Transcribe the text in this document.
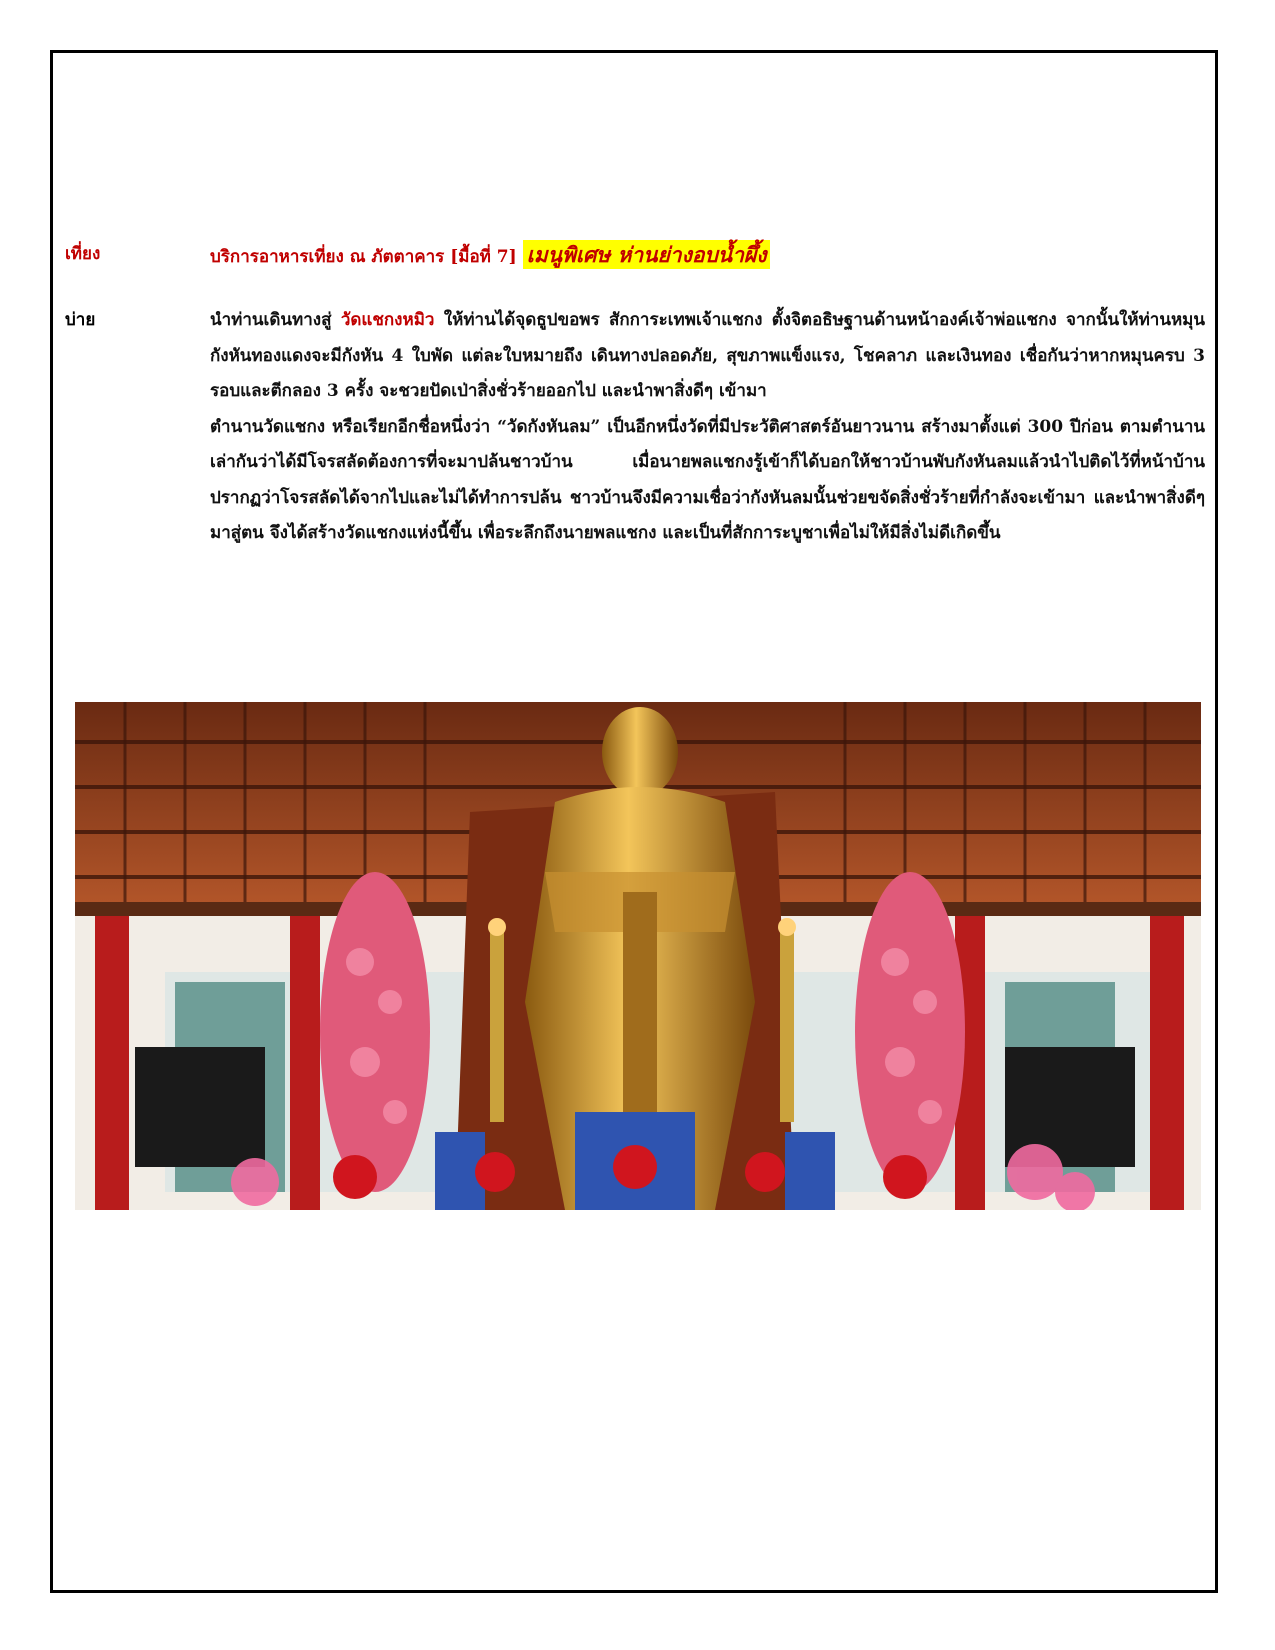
เที่ยง	บริการอาหารเที่ยง ณ ภัตตาคาร [มื้อที่ 7] เมนูพิเศษ ห่านย่างอบน้ำผึ้ง
บ่าย	นำท่านเดินทางสู่ วัดแชกงหมิว ให้ท่านได้จุดธูปขอพร สักการะเทพเจ้าแชกง ตั้งจิตอธิษฐานด้านหน้าองค์เจ้าพ่อแชกง จากนั้นให้ท่านหมุนกังหันทองแดงจะมีกังหัน 4 ใบพัด แต่ละใบหมายถึง เดินทางปลอดภัย, สุขภาพแข็งแรง, โชคลาภ และเงินทอง เชื่อกันว่าหากหมุนครบ 3 รอบและตีกลอง 3 ครั้ง จะชวยปัดเป่าสิ่งชั่วร้ายออกไป และนำพาสิ่งดีๆ เข้ามา
ตำนานวัดแชกง หรือเรียกอีกชื่อหนึ่งว่า “วัดกังหันลม” เป็นอีกหนึ่งวัดที่มีประวัติศาสตร์อันยาวนาน สร้างมาตั้งแต่ 300 ปีก่อน ตามตำนานเล่ากันว่าได้มีโจรสลัดต้องการที่จะมาปล้นชาวบ้าน เมื่อนายพลแชกงรู้เข้าก็ได้บอกให้ชาวบ้านพับกังหันลมแล้วนำไปติดไว้ที่หน้าบ้าน ปรากฏว่าโจรสลัดได้จากไปและไม่ได้ทำการปล้น ชาวบ้านจึงมีความเชื่อว่ากังหันลมนั้นช่วยขจัดสิ่งชั่วร้ายที่กำลังจะเข้ามา และนำพาสิ่งดีๆ มาสู่ตน จึงได้สร้างวัดแชกงแห่งนี้ขึ้น เพื่อระลึกถึงนายพลแชกง และเป็นที่สักการะบูชาเพื่อไม่ให้มีสิ่งไม่ดีเกิดขึ้น
